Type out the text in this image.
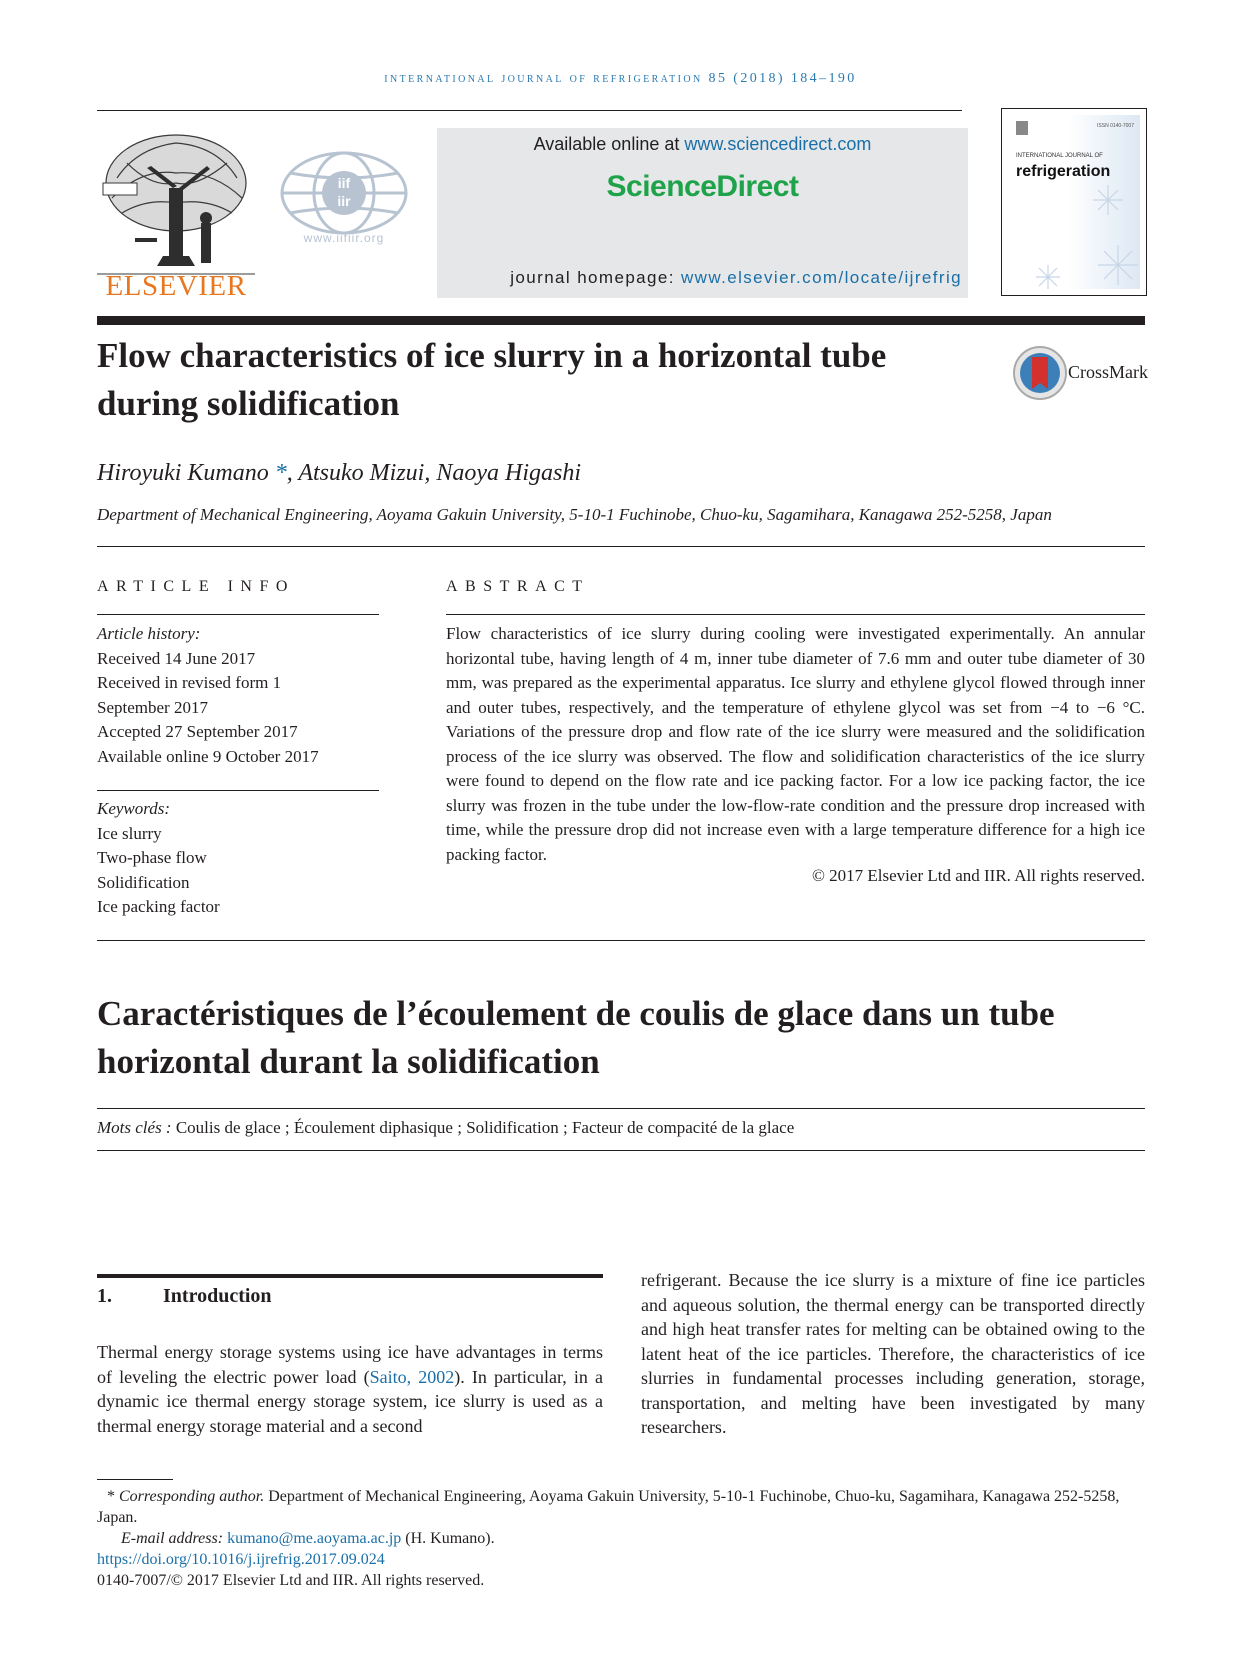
international journal of refrigeration 85 (2018) 184–190
ELSEVIER
iif
iir
www.iifiir.org
Available online at www.sciencedirect.com
ScienceDirect
journal homepage: www.elsevier.com/locate/ijrefrig
ISSN 0140-7007
INTERNATIONAL JOURNAL OF
refrigeration
Flow characteristics of ice slurry in a horizontal tube during solidification
CrossMark
Hiroyuki Kumano *, Atsuko Mizui, Naoya Higashi
Department of Mechanical Engineering, Aoyama Gakuin University, 5-10-1 Fuchinobe, Chuo-ku, Sagamihara, Kanagawa 252-5258, Japan
ARTICLE INFO	ABSTRACT
Article history:
Received 14 June 2017
Received in revised form 1
September 2017
Accepted 27 September 2017
Available online 9 October 2017
Keywords:
Ice slurry
Two-phase flow
Solidification
Ice packing factor

Flow characteristics of ice slurry during cooling were investigated experimentally. An annular horizontal tube, having length of 4 m, inner tube diameter of 7.6 mm and outer tube diameter of 30 mm, was prepared as the experimental apparatus. Ice slurry and ethylene glycol flowed through inner and outer tubes, respectively, and the temperature of ethylene glycol was set from −4 to −6 °C. Variations of the pressure drop and flow rate of the ice slurry were measured and the solidification process of the ice slurry was observed. The flow and solidification characteristics of the ice slurry were found to depend on the flow rate and ice packing factor. For a low ice packing factor, the ice slurry was frozen in the tube under the low-flow-rate condition and the pressure drop increased with time, while the pressure drop did not increase even with a large temperature difference for a high ice packing factor.

© 2017 Elsevier Ltd and IIR. All rights reserved.
Caractéristiques de l’écoulement de coulis de glace dans un tube horizontal durant la solidification
Mots clés : Coulis de glace ; Écoulement diphasique ; Solidification ; Facteur de compacité de la glace
1.	Introduction

Thermal energy storage systems using ice have advantages in terms of leveling the electric power load (Saito, 2002). In particular, in a dynamic ice thermal energy storage system, ice slurry is used as a thermal energy storage material and a second

refrigerant. Because the ice slurry is a mixture of fine ice particles and aqueous solution, the thermal energy can be transported directly and high heat transfer rates for melting can be obtained owing to the latent heat of the ice particles. Therefore, the characteristics of ice slurries in fundamental processes including generation, storage, transportation, and melting have been investigated by many researchers.

* Corresponding author. Department of Mechanical Engineering, Aoyama Gakuin University, 5-10-1 Fuchinobe, Chuo-ku, Sagamihara, Kanagawa 252-5258, Japan.
E-mail address: kumano@me.aoyama.ac.jp (H. Kumano).
https://doi.org/10.1016/j.ijrefrig.2017.09.024
0140-7007/© 2017 Elsevier Ltd and IIR. All rights reserved.
